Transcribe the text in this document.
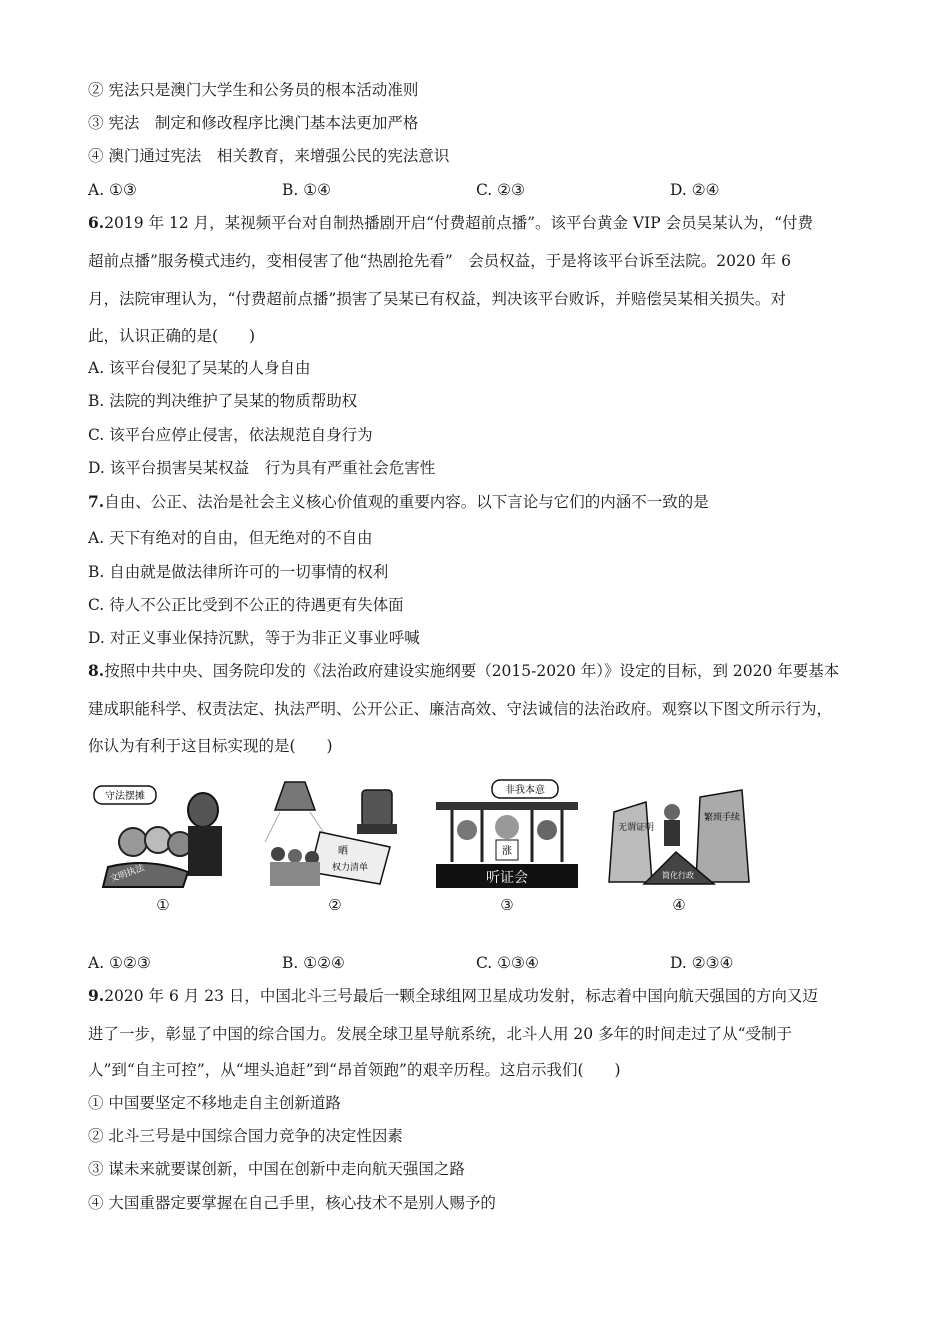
② 宪法只是澳门大学生和公务员的根本活动准则
③ 宪法　制定和修改程序比澳门基本法更加严格
④ 澳门通过宪法　相关教育，来增强公民的宪法意识
A. ①③	B. ①④	C. ②③	D. ②④
6.2019 年 12 月，某视频平台对自制热播剧开启“付费超前点播”。该平台黄金 VIP 会员吴某认为，“付费
超前点播”服务模式违约，变相侵害了他“热剧抢先看”　会员权益，于是将该平台诉至法院。2020 年 6
月，法院审理认为，“付费超前点播”损害了吴某已有权益，判决该平台败诉，并赔偿吴某相关损失。对
此，认识正确的是(　　)
A. 该平台侵犯了吴某的人身自由
B. 法院的判决维护了吴某的物质帮助权
C. 该平台应停止侵害，依法规范自身行为
D. 该平台损害吴某权益　行为具有严重社会危害性
7.自由、公正、法治是社会主义核心价值观的重要内容。以下言论与它们的内涵不一致的是
A. 天下有绝对的自由，但无绝对的不自由
B. 自由就是做法律所许可的一切事情的权利
C. 待人不公正比受到不公正的待遇更有失体面
D. 对正义事业保持沉默，等于为非正义事业呼喊
8.按照中共中央、国务院印发的《法治政府建设实施纲要（2015-2020 年）》设定的目标，到 2020 年要基本
建成职能科学、权责法定、执法严明、公开公正、廉洁高效、守法诚信的法治政府。观察以下图文所示行为，
你认为有利于这目标实现的是(　　)
守法摆摊
文明执法
①
晒
权力清单
②
非我本意
涨
听证会
③
无谓证明
繁琐手续
简化行政
④
A. ①②③	B. ①②④	C. ①③④	D. ②③④
9.2020 年 6 月 23 日，中国北斗三号最后一颗全球组网卫星成功发射，标志着中国向航天强国的方向又迈
进了一步，彰显了中国的综合国力。发展全球卫星导航系统，北斗人用 20 多年的时间走过了从“受制于
人”到“自主可控”，从“埋头追赶”到“昂首领跑”的艰辛历程。这启示我们(　　)
① 中国要坚定不移地走自主创新道路
② 北斗三号是中国综合国力竞争的决定性因素
③ 谋未来就要谋创新，中国在创新中走向航天强国之路
④ 大国重器定要掌握在自己手里，核心技术不是别人赐予的
